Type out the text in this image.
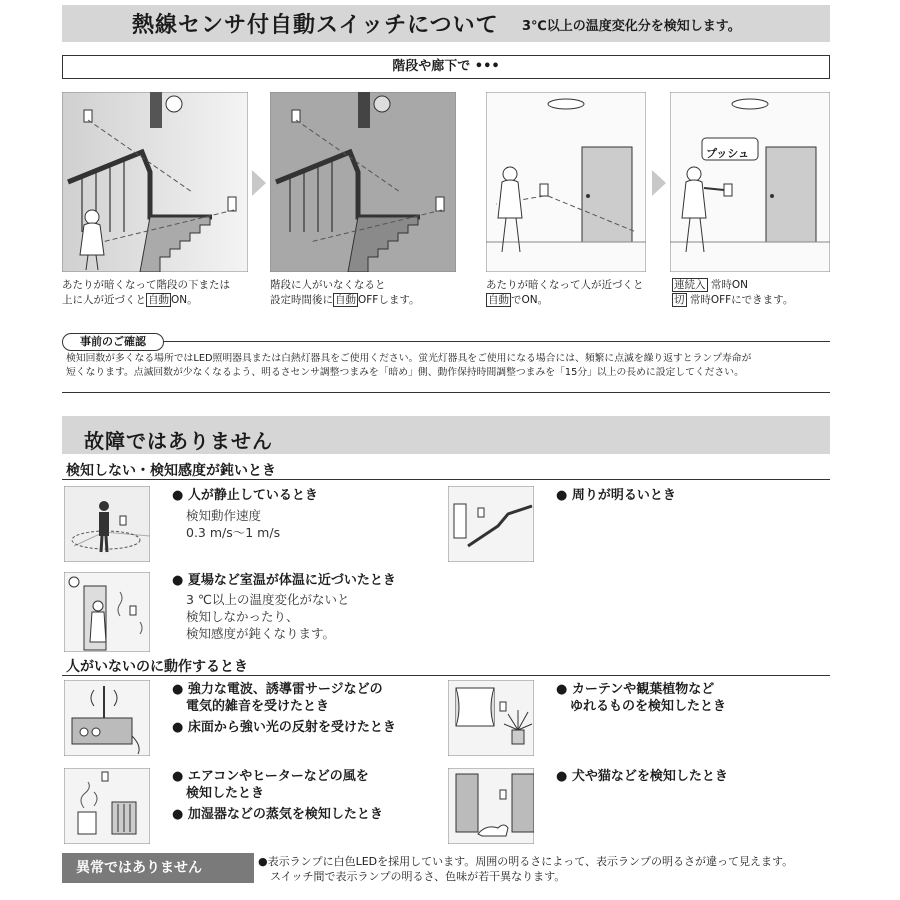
熱線センサ付自動スイッチについて 3℃以上の温度変化分を検知します。
階段や廊下で •••
プッシュ
あたりが暗くなって階段の下または
上に人が近づくと 自動 ON。
階段に人がいなくなると
設定時間後に 自動 OFFします。
あたりが暗くなって人が近づくと
自動 でON。
連続入 常時ON
切 常時OFFにできます。
事前のご確認
検知回数が多くなる場所ではLED照明器具または白熱灯器具をご使用ください。蛍光灯器具をご使用になる場合には、頻繁に点滅を繰り返すとランプ寿命が
短くなります。点滅回数が少なくなるよう、明るさセンサ調整つまみを「暗め」側、動作保持時間調整つまみを「15分」以上の長めに設定してください。
故障ではありません
検知しない・検知感度が鈍いとき
● 人が静止しているとき
検知動作速度
0.3 m/s～1 m/s
● 周りが明るいとき
● 夏場など室温が体温に近づいたとき
3 ℃以上の温度変化がないと
検知しなかったり、
検知感度が鈍くなります。
人がいないのに動作するとき
● 強力な電波、誘導雷サージなどの
電気的雑音を受けたとき
● 床面から強い光の反射を受けたとき
● カーテンや観葉植物など
ゆれるものを検知したとき
● エアコンやヒーターなどの風を
検知したとき
● 加湿器などの蒸気を検知したとき
● 犬や猫などを検知したとき
異常ではありません	●表示ランプに白色LEDを採用しています。周囲の明るさによって、表示ランプの明るさが違って見えます。
スイッチ間で表示ランプの明るさ、色味が若干異なります。
